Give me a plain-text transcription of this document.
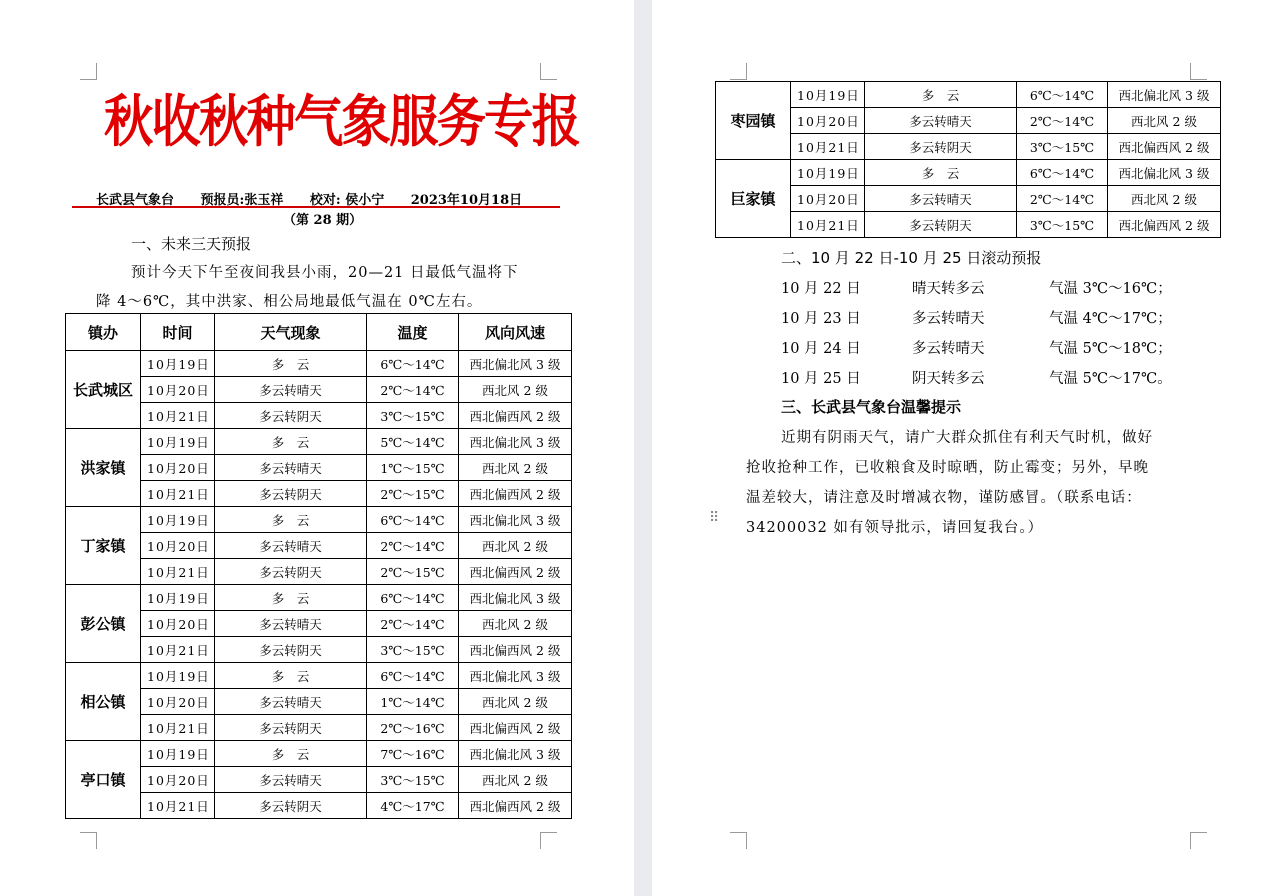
秋收秋种气象服务专报
长武县气象台 预报员:张玉祥 校对: 侯小宁 2023年10月18日
（第 28 期）
一、未来三天预报
预计今天下午至夜间我县小雨，20—21 日最低气温将下
降 4～6℃，其中洪家、相公局地最低气温在 0℃左右。
镇办	时间	天气现象	温度	风向风速
长武城区	10月19日	多　云	6℃～14℃	西北偏北风 3 级
	10月20日	多云转晴天	2℃～14℃	西北风 2 级
	10月21日	多云转阴天	3℃～15℃	西北偏西风 2 级
洪家镇	10月19日	多　云	5℃～14℃	西北偏北风 3 级
	10月20日	多云转晴天	1℃～15℃	西北风 2 级
	10月21日	多云转阴天	2℃～15℃	西北偏西风 2 级
丁家镇	10月19日	多　云	6℃～14℃	西北偏北风 3 级
	10月20日	多云转晴天	2℃～14℃	西北风 2 级
	10月21日	多云转阴天	2℃～15℃	西北偏西风 2 级
彭公镇	10月19日	多　云	6℃～14℃	西北偏北风 3 级
	10月20日	多云转晴天	2℃～14℃	西北风 2 级
	10月21日	多云转阴天	3℃～15℃	西北偏西风 2 级
相公镇	10月19日	多　云	6℃～14℃	西北偏北风 3 级
	10月20日	多云转晴天	1℃～14℃	西北风 2 级
	10月21日	多云转阴天	2℃～16℃	西北偏西风 2 级
亭口镇	10月19日	多　云	7℃～16℃	西北偏北风 3 级
	10月20日	多云转晴天	3℃～15℃	西北风 2 级
	10月21日	多云转阴天	4℃～17℃	西北偏西风 2 级
枣园镇	10月19日	多　云	6℃～14℃	西北偏北风 3 级
	10月20日	多云转晴天	2℃～14℃	西北风 2 级
	10月21日	多云转阴天	3℃～15℃	西北偏西风 2 级
巨家镇	10月19日	多　云	6℃～14℃	西北偏北风 3 级
	10月20日	多云转晴天	2℃～14℃	西北风 2 级
	10月21日	多云转阴天	3℃～15℃	西北偏西风 2 级
二、10 月 22 日-10 月 25 日滚动预报
10 月 22 日	晴天转多云	气温 3℃～16℃；
10 月 23 日	多云转晴天	气温 4℃～17℃；
10 月 24 日	多云转晴天	气温 5℃～18℃；
10 月 25 日	阴天转多云	气温 5℃～17℃。
三、长武县气象台温馨提示
近期有阴雨天气，请广大群众抓住有利天气时机，做好
抢收抢种工作，已收粮食及时晾晒，防止霉变；另外，早晚
温差较大，请注意及时增减衣物，谨防感冒。（联系电话：
34200032 如有领导批示，请回复我台。）
⠿
